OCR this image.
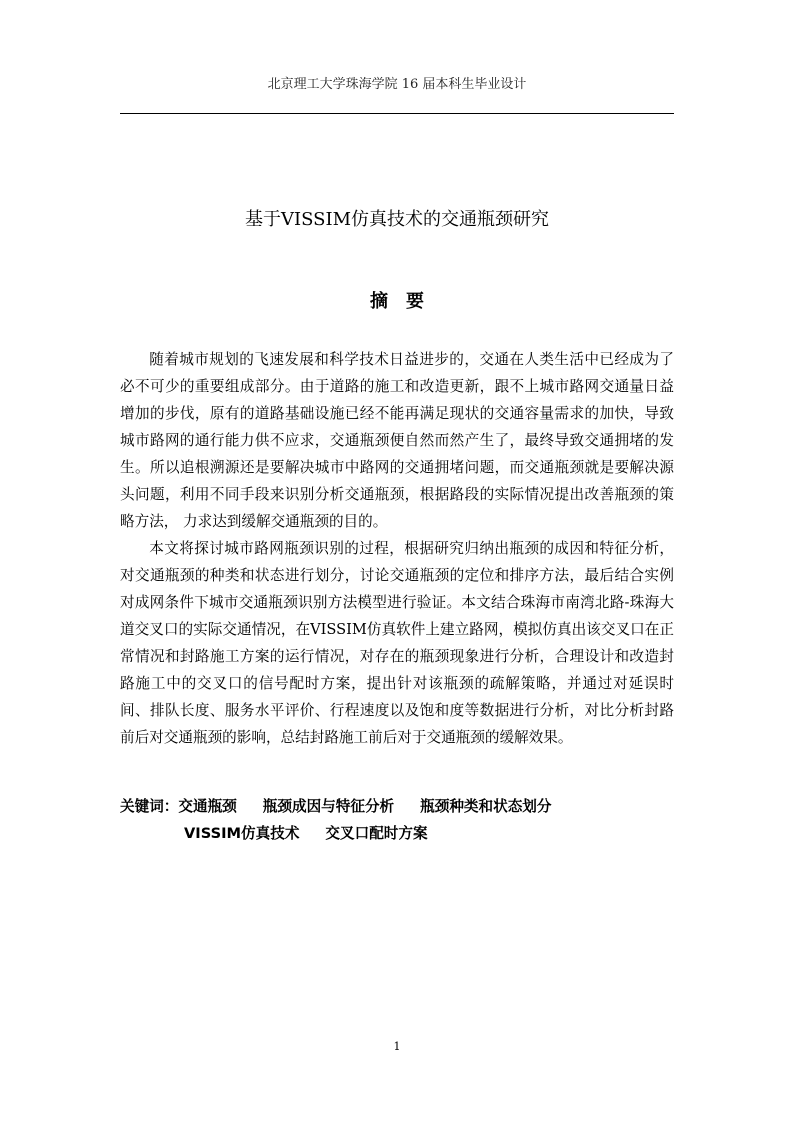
北京理工大学珠海学院 16 届本科生毕业设计
基于VISSIM仿真技术的交通瓶颈研究
摘　要

随着城市规划的飞速发展和科学技术日益进步的，交通在人类生活中已经成为了必不可少的重要组成部分。由于道路的施工和改造更新，跟不上城市路网交通量日益增加的步伐，原有的道路基础设施已经不能再满足现状的交通容量需求的加快，导致城市路网的通行能力供不应求，交通瓶颈便自然而然产生了，最终导致交通拥堵的发生。所以追根溯源还是要解决城市中路网的交通拥堵问题，而交通瓶颈就是要解决源头问题，利用不同手段来识别分析交通瓶颈，根据路段的实际情况提出改善瓶颈的策略方法， 力求达到缓解交通瓶颈的目的。

本文将探讨城市路网瓶颈识别的过程，根据研究归纳出瓶颈的成因和特征分析，对交通瓶颈的种类和状态进行划分，讨论交通瓶颈的定位和排序方法，最后结合实例对成网条件下城市交通瓶颈识别方法模型进行验证。本文结合珠海市南湾北路-珠海大道交叉口的实际交通情况，在VISSIM仿真软件上建立路网，模拟仿真出该交叉口在正常情况和封路施工方案的运行情况，对存在的瓶颈现象进行分析，合理设计和改造封路施工中的交叉口的信号配时方案，提出针对该瓶颈的疏解策略，并通过对延误时间、排队长度、服务水平评价、行程速度以及饱和度等数据进行分析，对比分析封路前后对交通瓶颈的影响，总结封路施工前后对于交通瓶颈的缓解效果。

关键词：交通瓶颈 瓶颈成因与特征分析 瓶颈种类和状态划分
VISSIM仿真技术 交叉口配时方案
1
